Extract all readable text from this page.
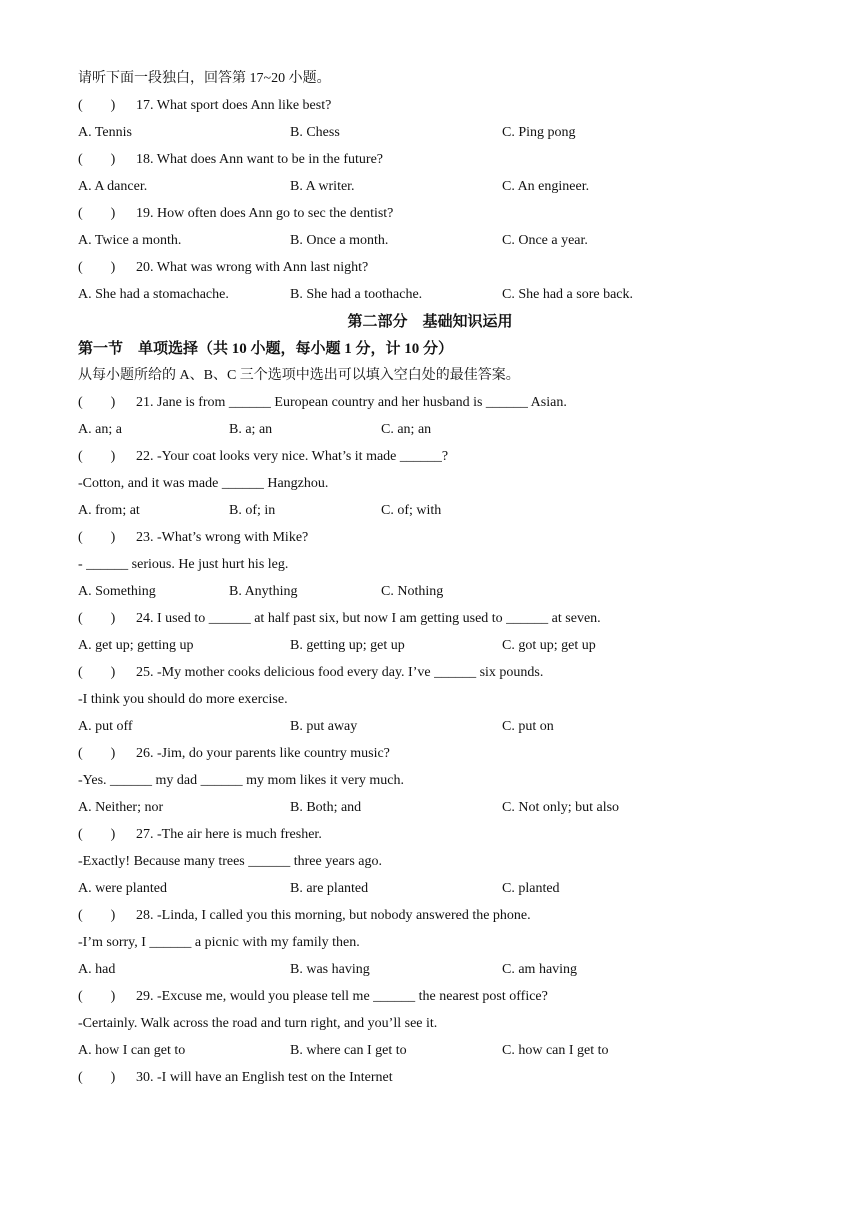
请听下面一段独白，回答第 17~20 小题。
(　　) 17. What sport does Ann like best?
A. Tennis	B. Chess	C. Ping pong
(　　) 18. What does Ann want to be in the future?
A. A dancer.	B. A writer.	C. An engineer.
(　　) 19. How often does Ann go to sec the dentist?
A. Twice a month.	B. Once a month.	C. Once a year.
(　　) 20. What was wrong with Ann last night?
A. She had a stomachache.	B. She had a toothache.	C. She had a sore back.
第二部分　基础知识运用
第一节　单项选择（共 10 小题，每小题 1 分，计 10 分）
从每小题所给的 A、B、C 三个选项中选出可以填入空白处的最佳答案。
(　　) 21. Jane is from ______ European country and her husband is ______ Asian.
A. an; a	B. a; an	C. an; an
(　　) 22. -Your coat looks very nice. What’s it made ______?
-Cotton, and it was made ______ Hangzhou.
A. from; at	B. of; in	C. of; with
(　　) 23. -What’s wrong with Mike?
- ______ serious. He just hurt his leg.
A. Something	B. Anything	C. Nothing
(　　) 24. I used to ______ at half past six, but now I am getting used to ______ at seven.
A. get up; getting up	B. getting up; get up	C. got up; get up
(　　) 25. -My mother cooks delicious food every day. I’ve ______ six pounds.
-I think you should do more exercise.
A. put off	B. put away	C. put on
(　　) 26. -Jim, do your parents like country music?
-Yes. ______ my dad ______ my mom likes it very much.
A. Neither; nor	B. Both; and	C. Not only; but also
(　　) 27. -The air here is much fresher.
-Exactly! Because many trees ______ three years ago.
A. were planted	B. are planted	C. planted
(　　) 28. -Linda, I called you this morning, but nobody answered the phone.
-I’m sorry, I ______ a picnic with my family then.
A. had	B. was having	C. am having
(　　) 29. -Excuse me, would you please tell me ______ the nearest post office?
-Certainly. Walk across the road and turn right, and you’ll see it.
A. how I can get to	B. where can I get to	C. how can I get to
(　　) 30. -I will have an English test on the Internet
